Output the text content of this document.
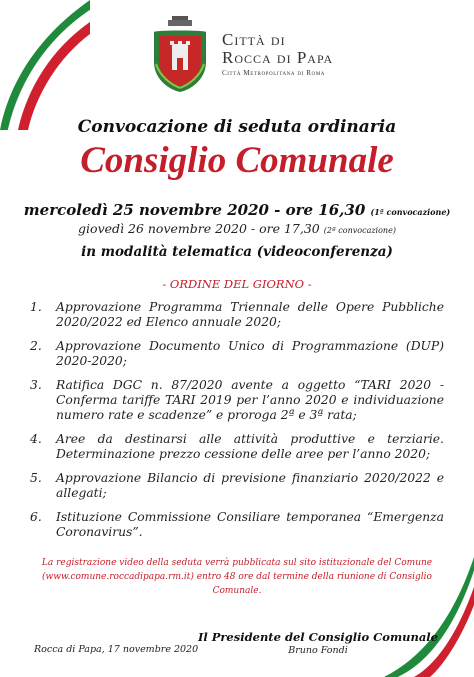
Città di
Rocca di Papa
Città Metropolitana di Roma
Convocazione di seduta ordinaria
Consiglio Comunale
mercoledì 25 novembre 2020 - ore 16,30 (1ª convocazione)
giovedì 26 novembre 2020 - ore 17,30 (2ª convocazione)
in modalità telematica (videoconferenza)
- ORDINE DEL GIORNO -
1.	Approvazione Programma Triennale delle Opere Pubbliche 2020/2022 ed Elenco annuale 2020;
2.	Approvazione Documento Unico di Programmazione (DUP) 2020-2020;
3.	Ratifica DGC n. 87/2020 avente a oggetto “TARI 2020 - Conferma tariffe TARI 2019 per l’anno 2020 e individuazione numero rate e scadenze” e proroga 2ª e 3ª rata;
4.	Aree da destinarsi alle attività produttive e terziarie. Determinazione prezzo cessione delle aree per l’anno 2020;
5.	Approvazione Bilancio di previsione finanziario 2020/2022 e allegati;
6.	Istituzione Commissione Consiliare temporanea “Emergenza Coronavirus”.
La registrazione video della seduta verrà pubblicata sul sito istituzionale del Comune
(www.comune.roccadipapa.rm.it) entro 48 ore dal termine della riunione di Consiglio Comunale.
Rocca di Papa, 17 novembre 2020
Il Presidente del Consiglio Comunale
Bruno Fondi
